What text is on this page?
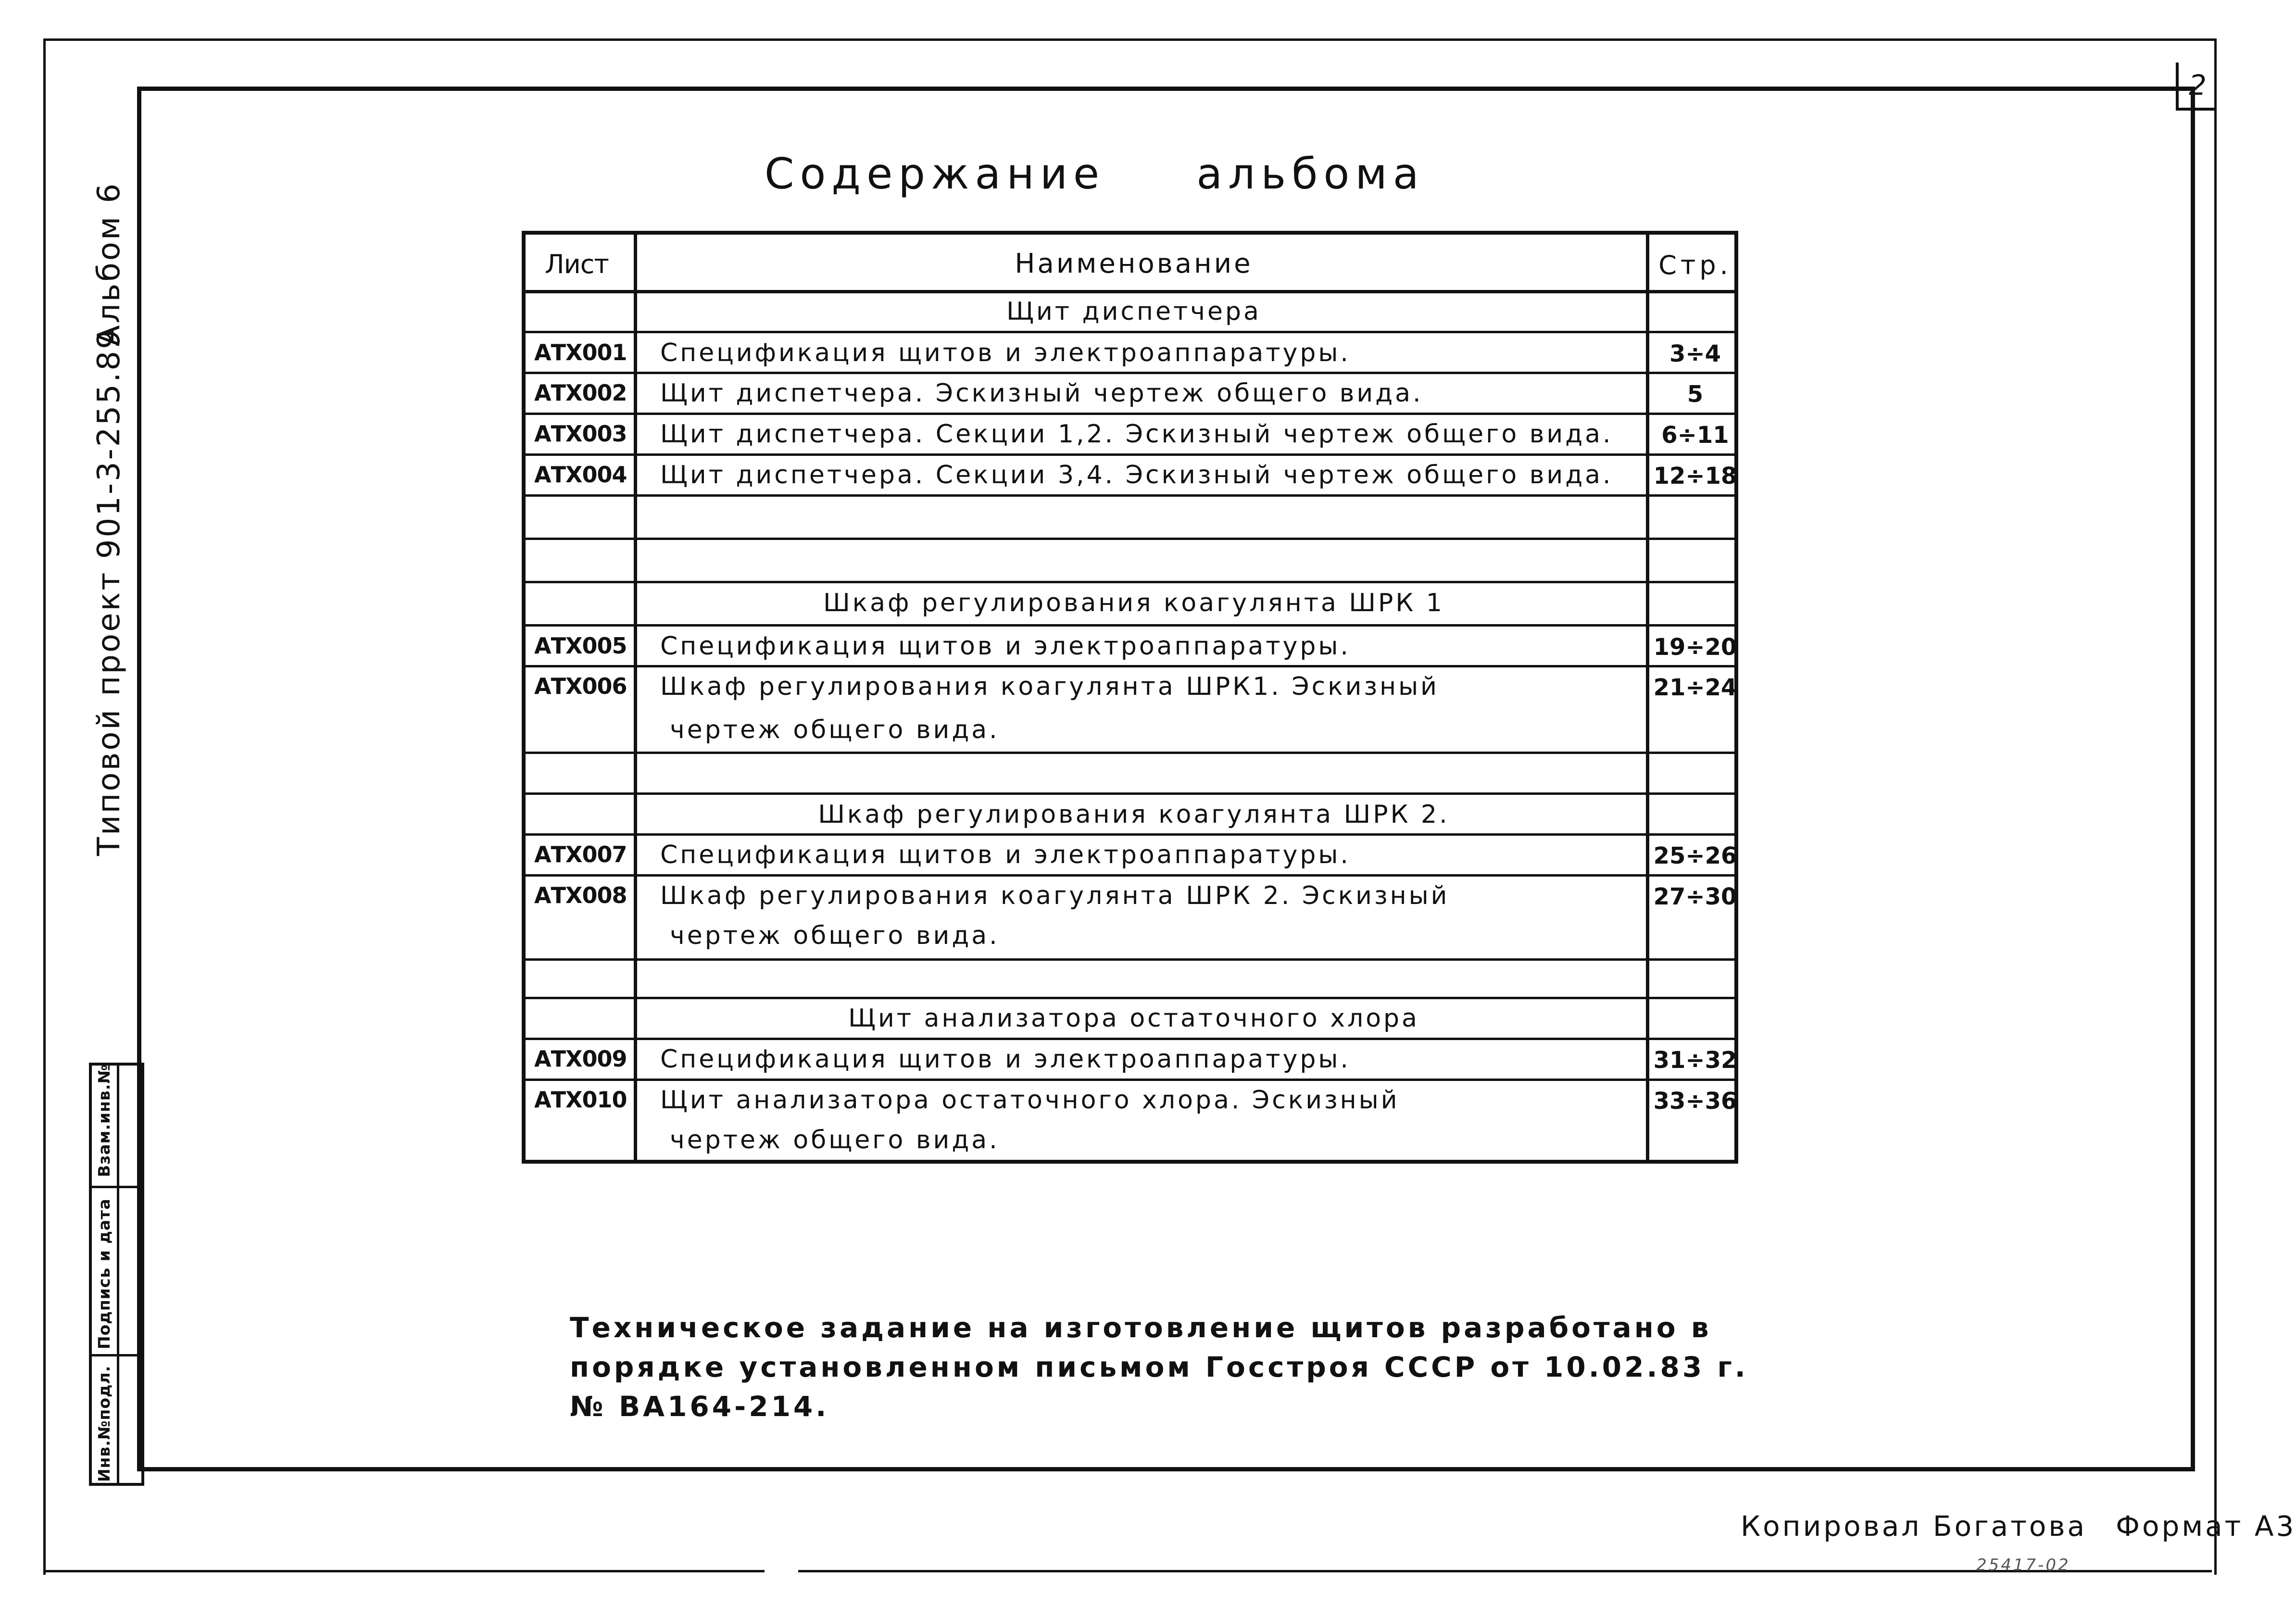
2
Альбом 6
Типовой проект 901-3-255.89
Взам.инв.№
Подпись и дата
Инв.№подл.
Содержание альбома
Лист	Наименование	Стр.
Щит диспетчера
АТХ001 Спецификация щитов и электроаппаратуры.	3÷4
АТХ002 Щит диспетчера. Эскизный чертеж общего вида.	5
АТХ003 Щит диспетчера. Секции 1,2. Эскизный чертеж общего вида.	6÷11
АТХ004 Щит диспетчера. Секции 3,4. Эскизный чертеж общего вида. 12÷18
Шкаф регулирования коагулянта ШРК 1
АТХ005 Спецификация щитов и электроаппаратуры.	19÷20
АТХ006 Шкаф регулирования коагулянта ШРК1. Эскизный	21÷24
чертеж общего вида.
Шкаф регулирования коагулянта ШРК 2.
АТХ007 Спецификация щитов и электроаппаратуры.	25÷26
АТХ008 Шкаф регулирования коагулянта ШРК 2. Эскизный	27÷30
чертеж общего вида.
Щит анализатора остаточного хлора
АТХ009 Спецификация щитов и электроаппаратуры.	31÷32
АТХ010 Щит анализатора остаточного хлора. Эскизный	33÷36
чертеж общего вида.
Техническое задание на изготовление щитов разработано в
порядке установленном письмом Госстроя СССР от 10.02.83 г.
№ ВА164-214.
Копировал Богатова Формат А3
25417-02
